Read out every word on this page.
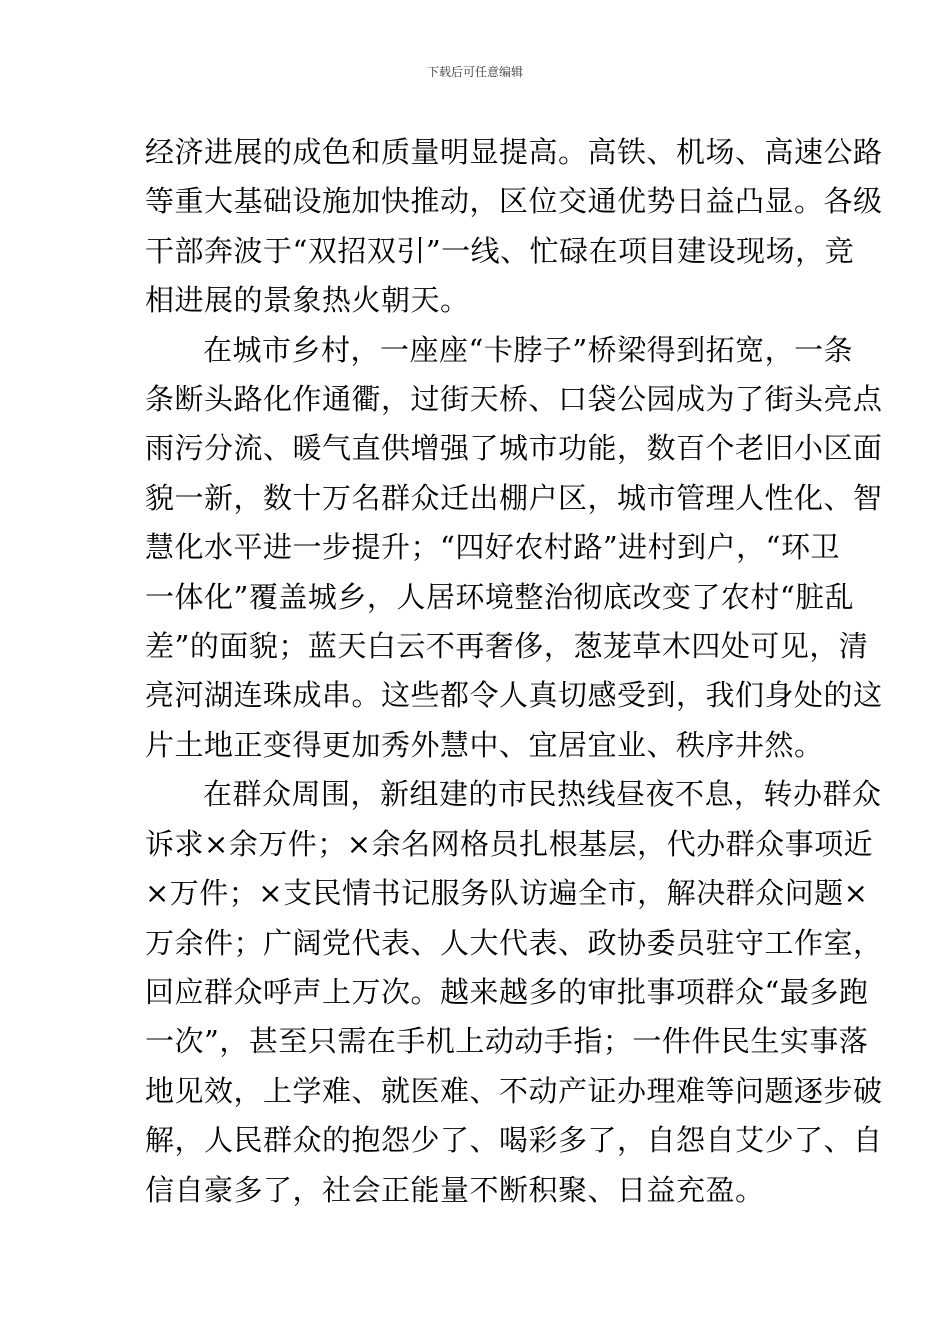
下载后可任意编辑

经济进展的成色和质量明显提高。高铁、机场、高速公路
等重大基础设施加快推动，区位交通优势日益凸显。各级
干部奔波于“双招双引”一线、忙碌在项目建设现场，竞
相进展的景象热火朝天。

在城市乡村，一座座“卡脖子”桥梁得到拓宽，一条
条断头路化作通衢，过街天桥、口袋公园成为了街头亮点
雨污分流、暖气直供增强了城市功能，数百个老旧小区面
貌一新，数十万名群众迁出棚户区，城市管理人性化、智
慧化水平进一步提升；“四好农村路”进村到户，“环卫
一体化”覆盖城乡，人居环境整治彻底改变了农村“脏乱
差”的面貌；蓝天白云不再奢侈，葱茏草木四处可见，清
亮河湖连珠成串。这些都令人真切感受到，我们身处的这
片土地正变得更加秀外慧中、宜居宜业、秩序井然。

在群众周围，新组建的市民热线昼夜不息，转办群众
诉求×余万件；×余名网格员扎根基层，代办群众事项近
×万件；×支民情书记服务队访遍全市，解决群众问题×
万余件；广阔党代表、人大代表、政协委员驻守工作室，
回应群众呼声上万次。越来越多的审批事项群众“最多跑
一次”，甚至只需在手机上动动手指；一件件民生实事落
地见效，上学难、就医难、不动产证办理难等问题逐步破
解，人民群众的抱怨少了、喝彩多了，自怨自艾少了、自
信自豪多了，社会正能量不断积聚、日益充盈。
